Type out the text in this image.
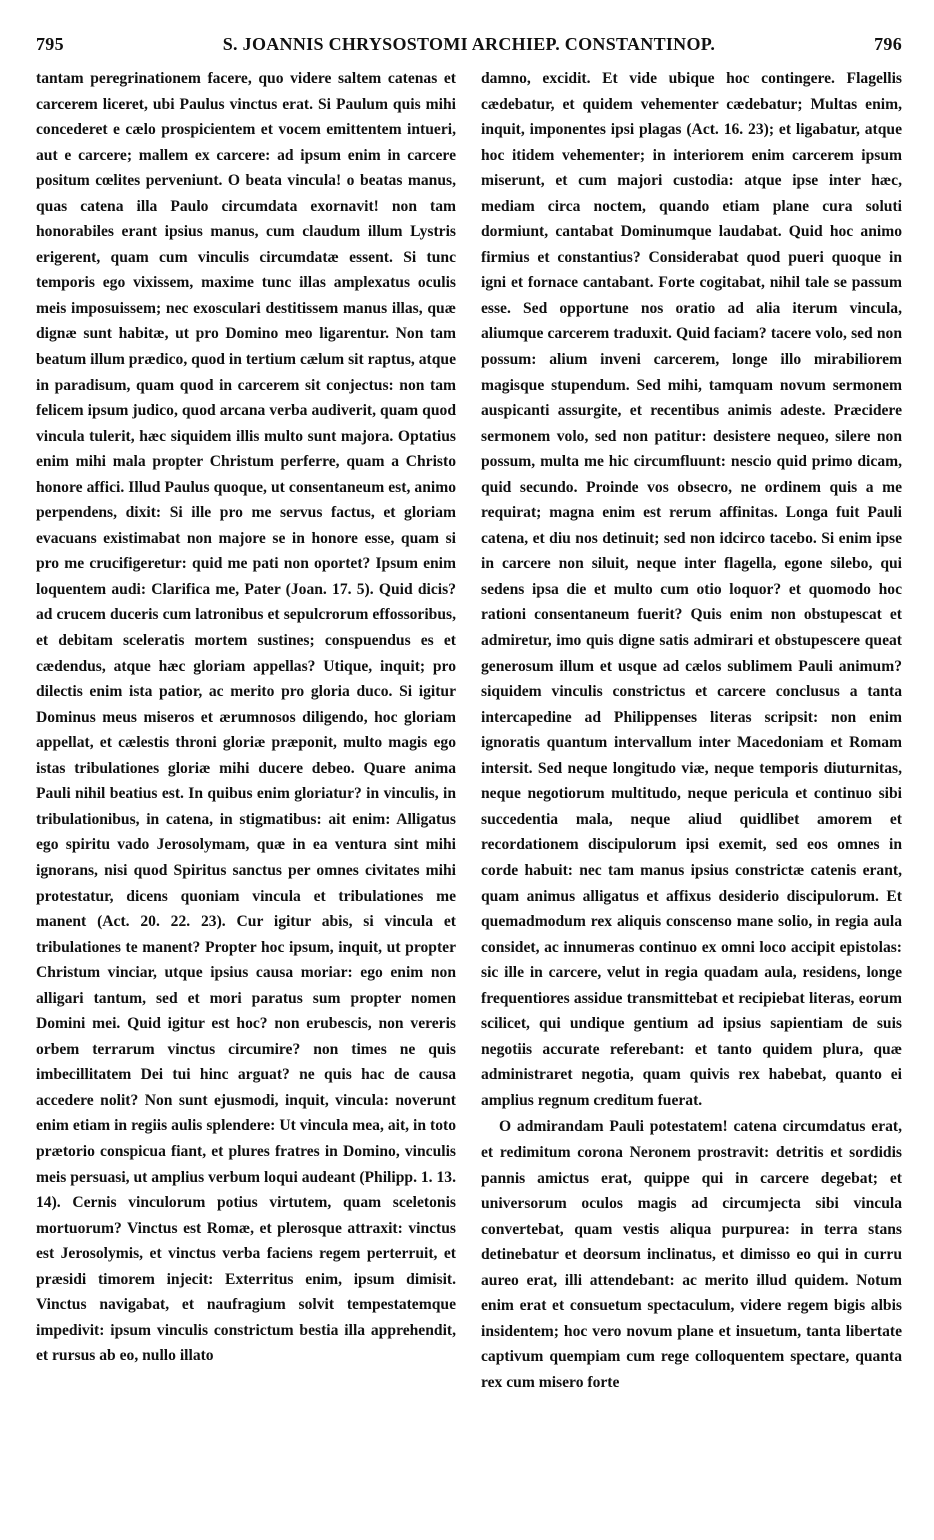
795	S. JOANNIS CHRYSOSTOMI ARCHIEP. CONSTANTINOP.	796

tantam peregrinationem facere, quo videre saltem catenas et carcerem liceret, ubi Paulus vinctus erat. Si Paulum quis mihi concederet e cælo prospicientem et vocem emittentem intueri, aut e carcere; mallem ex carcere: ad ipsum enim in carcere positum cœlites perveniunt. O beata vincula! o beatas manus, quas catena illa Paulo circumdata exornavit! non tam honorabiles erant ipsius manus, cum claudum illum Lystris erigerent, quam cum vinculis circumdatæ essent. Si tunc temporis ego vixissem, maxime tunc illas amplexatus oculis meis imposuissem; nec exosculari destitissem manus illas, quæ dignæ sunt habitæ, ut pro Domino meo ligarentur. Non tam beatum illum prædico, quod in tertium cælum sit raptus, atque in paradisum, quam quod in carcerem sit conjectus: non tam felicem ipsum judico, quod arcana verba audiverit, quam quod vincula tulerit, hæc siquidem illis multo sunt majora. Optatius enim mihi mala propter Christum perferre, quam a Christo honore affici. Illud Paulus quoque, ut consentaneum est, animo perpendens, dixit: Si ille pro me servus factus, et gloriam evacuans existimabat non majore se in honore esse, quam si pro me crucifigeretur: quid me pati non oportet? Ipsum enim loquentem audi: Clarifica me, Pater (Joan. 17. 5). Quid dicis? ad crucem duceris cum latronibus et sepulcrorum effossoribus, et debitam sceleratis mortem sustines; conspuendus es et cædendus, atque hæc gloriam appellas? Utique, inquit; pro dilectis enim ista patior, ac merito pro gloria duco. Si igitur Dominus meus miseros et ærumnosos diligendo, hoc gloriam appellat, et cælestis throni gloriæ præponit, multo magis ego istas tribulationes gloriæ mihi ducere debeo. Quare anima Pauli nihil beatius est. In quibus enim gloriatur? in vinculis, in tribulationibus, in catena, in stigmatibus: ait enim: Alligatus ego spiritu vado Jerosolymam, quæ in ea ventura sint mihi ignorans, nisi quod Spiritus sanctus per omnes civitates mihi protestatur, dicens quoniam vincula et tribulationes me manent (Act. 20. 22. 23). Cur igitur abis, si vincula et tribulationes te manent? Propter hoc ipsum, inquit, ut propter Christum vinciar, utque ipsius causa moriar: ego enim non alligari tantum, sed et mori paratus sum propter nomen Domini mei. Quid igitur est hoc? non erubescis, non vereris orbem terrarum vinctus circumire? non times ne quis imbecillitatem Dei tui hinc arguat? ne quis hac de causa accedere nolit? Non sunt ejusmodi, inquit, vincula: noverunt enim etiam in regiis aulis splendere: Ut vincula mea, ait, in toto prætorio conspicua fiant, et plures fratres in Domino, vinculis meis persuasi, ut amplius verbum loqui audeant (Philipp. 1. 13. 14). Cernis vinculorum potius virtutem, quam sceletonis mortuorum? Vinctus est Romæ, et plerosque attraxit: vinctus est Jerosolymis, et vinctus verba faciens regem perterruit, et præsidi timorem injecit: Exterritus enim, ipsum dimisit. Vinctus navigabat, et naufragium solvit tempestatemque impedivit: ipsum vinculis constrictum bestia illa apprehendit, et rursus ab eo, nullo illato

damno, excidit. Et vide ubique hoc contingere. Flagellis cædebatur, et quidem vehementer cædebatur; Multas enim, inquit, imponentes ipsi plagas (Act. 16. 23); et ligabatur, atque hoc itidem vehementer; in interiorem enim carcerem ipsum miserunt, et cum majori custodia: atque ipse inter hæc, mediam circa noctem, quando etiam plane cura soluti dormiunt, cantabat Dominumque laudabat. Quid hoc animo firmius et constantius? Considerabat quod pueri quoque in igni et fornace cantabant. Forte cogitabat, nihil tale se passum esse. Sed opportune nos oratio ad alia iterum vincula, aliumque carcerem traduxit. Quid faciam? tacere volo, sed non possum: alium inveni carcerem, longe illo mirabiliorem magisque stupendum. Sed mihi, tamquam novum sermonem auspicanti assurgite, et recentibus animis adeste. Præcidere sermonem volo, sed non patitur: desistere nequeo, silere non possum, multa me hic circumfluunt: nescio quid primo dicam, quid secundo. Proinde vos obsecro, ne ordinem quis a me requirat; magna enim est rerum affinitas. Longa fuit Pauli catena, et diu nos detinuit; sed non idcirco tacebo. Si enim ipse in carcere non siluit, neque inter flagella, egone silebo, qui sedens ipsa die et multo cum otio loquor? et quomodo hoc rationi consentaneum fuerit? Quis enim non obstupescat et admiretur, imo quis digne satis admirari et obstupescere queat generosum illum et usque ad cælos sublimem Pauli animum? siquidem vinculis constrictus et carcere conclusus a tanta intercapedine ad Philippenses literas scripsit: non enim ignoratis quantum intervallum inter Macedoniam et Romam intersit. Sed neque longitudo viæ, neque temporis diuturnitas, neque negotiorum multitudo, neque pericula et continuo sibi succedentia mala, neque aliud quidlibet amorem et recordationem discipulorum ipsi exemit, sed eos omnes in corde habuit: nec tam manus ipsius constrictæ catenis erant, quam animus alligatus et affixus desiderio discipulorum. Et quemadmodum rex aliquis conscenso mane solio, in regia aula considet, ac innumeras continuo ex omni loco accipit epistolas: sic ille in carcere, velut in regia quadam aula, residens, longe frequentiores assidue transmittebat et recipiebat literas, eorum scilicet, qui undique gentium ad ipsius sapientiam de suis negotiis accurate referebant: et tanto quidem plura, quæ administraret negotia, quam quivis rex habebat, quanto ei amplius regnum creditum fuerat.

O admirandam Pauli potestatem! catena circumdatus erat, et redimitum corona Neronem prostravit: detritis et sordidis pannis amictus erat, quippe qui in carcere degebat; et universorum oculos magis ad circumjecta sibi vincula convertebat, quam vestis aliqua purpurea: in terra stans detinebatur et deorsum inclinatus, et dimisso eo qui in curru aureo erat, illi attendebant: ac merito illud quidem. Notum enim erat et consuetum spectaculum, videre regem bigis albis insidentem; hoc vero novum plane et insuetum, tanta libertate captivum quempiam cum rege colloquentem spectare, quanta rex cum misero forte
